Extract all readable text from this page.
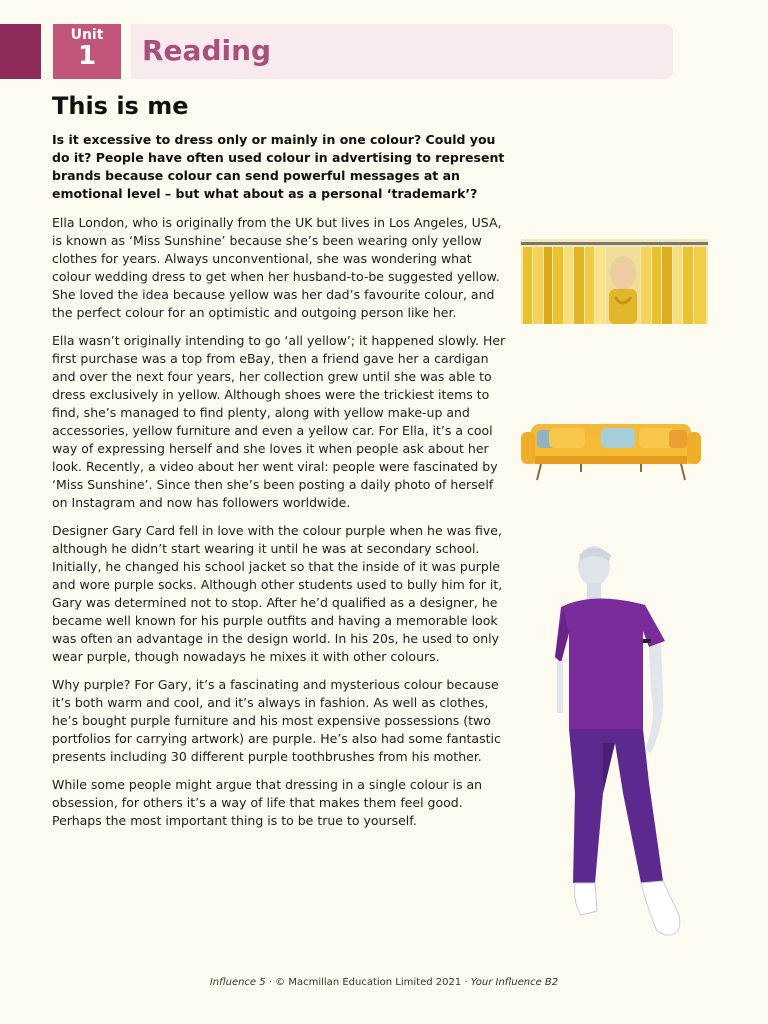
Unit
1	Reading
This is me

Is it excessive to dress only or mainly in one colour? Could you do it? People have often used colour in advertising to represent brands because colour can send powerful messages at an emotional level – but what about as a personal ‘trademark’?

Ella London, who is originally from the UK but lives in Los Angeles, USA, is known as ‘Miss Sunshine’ because she’s been wearing only yellow clothes for years. Always unconventional, she was wondering what colour wedding dress to get when her husband-to-be suggested yellow. She loved the idea because yellow was her dad’s favourite colour, and the perfect colour for an optimistic and outgoing person like her.

Ella wasn’t originally intending to go ‘all yellow’; it happened slowly. Her first purchase was a top from eBay, then a friend gave her a cardigan and over the next four years, her collection grew until she was able to dress exclusively in yellow. Although shoes were the trickiest items to find, she’s managed to find plenty, along with yellow make-up and accessories, yellow furniture and even a yellow car. For Ella, it’s a cool way of expressing herself and she loves it when people ask about her look. Recently, a video about her went viral: people were fascinated by ‘Miss Sunshine’. Since then she’s been posting a daily photo of herself on Instagram and now has followers worldwide.

Designer Gary Card fell in love with the colour purple when he was five, although he didn’t start wearing it until he was at secondary school. Initially, he changed his school jacket so that the inside of it was purple and wore purple socks. Although other students used to bully him for it, Gary was determined not to stop. After he’d qualified as a designer, he became well known for his purple outfits and having a memorable look was often an advantage in the design world. In his 20s, he used to only wear purple, though nowadays he mixes it with other colours.

Why purple? For Gary, it’s a fascinating and mysterious colour because it’s both warm and cool, and it’s always in fashion. As well as clothes, he’s bought purple furniture and his most expensive possessions (two portfolios for carrying artwork) are purple. He’s also had some fantastic presents including 30 different purple toothbrushes from his mother.

While some people might argue that dressing in a single colour is an obsession, for others it’s a way of life that makes them feel good. Perhaps the most important thing is to be true to yourself.

Influence 5 · © Macmillan Education Limited 2021 · Your Influence B2
